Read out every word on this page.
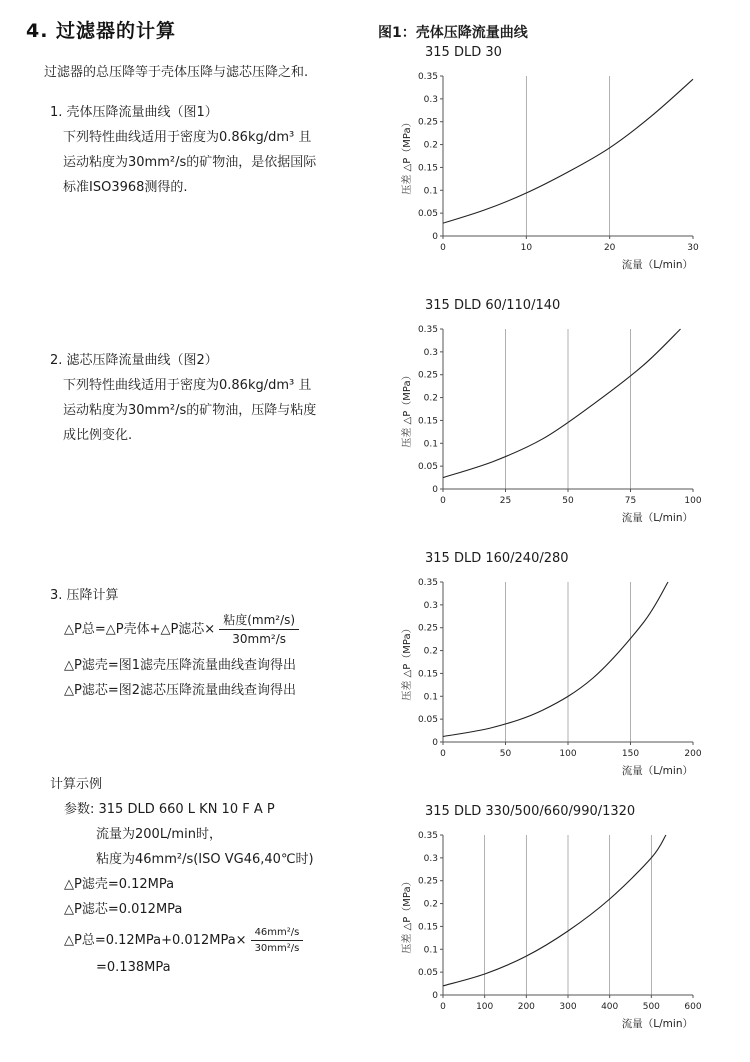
4. 过滤器的计算
过滤器的总压降等于壳体压降与滤芯压降之和.
1. 壳体压降流量曲线（图1）
下列特性曲线适用于密度为0.86kg/dm³ 且
运动粘度为30mm²/s的矿物油，是依据国际
标准ISO3968测得的.
2. 滤芯压降流量曲线（图2）
下列特性曲线适用于密度为0.86kg/dm³ 且
运动粘度为30mm²/s的矿物油，压降与粘度
成比例变化.
3. 压降计算
△P总=△P壳体+△P滤芯× $\frac{\text{粘度(mm²/s)}}{\text{30mm²/s}}$
△P滤壳=图1滤壳压降流量曲线查询得出
△P滤芯=图2滤芯压降流量曲线查询得出
计算示例
参数: 315 DLD 660 L KN 10 F A P
流量为200L/min时，
粘度为46mm²/s(ISO VG46,40℃时)
△P滤壳=0.12MPa
△P滤芯=0.012MPa
△P总$=0.12MPa+0.012MPa\times \frac{\text{46mm²/s}}{\text{30mm²/s}}$
=0.138MPa
图1：壳体压降流量曲线
315 DLD 30
0
0.05
0.1
0.15
0.2
0.25
0.3
0.35
0	10	20	30
压差 △P（MPa）
流量（L/min）
315 DLD 60/110/140
0
0.05
0.1
0.15
0.2
0.25
0.3
0.35
0	25	50	75	100
压差 △P（MPa）
流量（L/min）
315 DLD 160/240/280
0
0.05
0.1
0.15
0.2
0.25
0.3
0.35
0	50	100	150	200
压差 △P（MPa）
流量（L/min）
315 DLD 330/500/660/990/1320
0
0.05
0.1
0.15
0.2
0.25
0.3
0.35
0	100	200	300	400	500	600
压差 △P（MPa）
流量（L/min）
